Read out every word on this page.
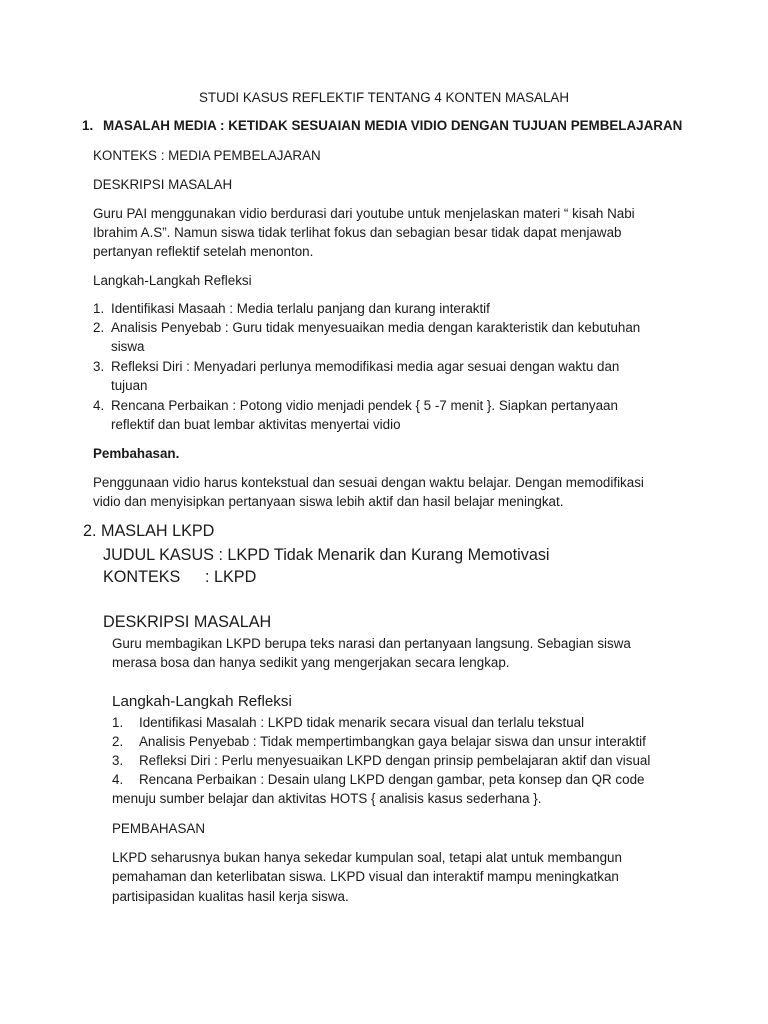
STUDI KASUS REFLEKTIF TENTANG 4 KONTEN MASALAH
1. MASALAH MEDIA : KETIDAK SESUAIAN MEDIA VIDIO DENGAN TUJUAN PEMBELAJARAN
KONTEKS : MEDIA PEMBELAJARAN
DESKRIPSI MASALAH
Guru PAI menggunakan vidio berdurasi dari youtube untuk menjelaskan materi “ kisah Nabi
Ibrahim A.S”. Namun siswa tidak terlihat fokus dan sebagian besar tidak dapat menjawab
pertanyan reflektif setelah menonton.
Langkah-Langkah Refleksi
1. Identifikasi Masaah : Media terlalu panjang dan kurang interaktif
2. Analisis Penyebab : Guru tidak menyesuaikan media dengan karakteristik dan kebutuhan
siswa
3. Refleksi Diri : Menyadari perlunya memodifikasi media agar sesuai dengan waktu dan
tujuan
4. Rencana Perbaikan : Potong vidio menjadi pendek { 5 -7 menit }. Siapkan pertanyaan
reflektif dan buat lembar aktivitas menyertai vidio
Pembahasan.
Penggunaan vidio harus kontekstual dan sesuai dengan waktu belajar. Dengan memodifikasi
vidio dan menyisipkan pertanyaan siswa lebih aktif dan hasil belajar meningkat.
2. MASLAH LKPD
JUDUL KASUS : LKPD Tidak Menarik dan Kurang Memotivasi
KONTEKS : LKPD
DESKRIPSI MASALAH
Guru membagikan LKPD berupa teks narasi dan pertanyaan langsung. Sebagian siswa
merasa bosa dan hanya sedikit yang mengerjakan secara lengkap.
Langkah-Langkah Refleksi
1. Identifikasi Masalah : LKPD tidak menarik secara visual dan terlalu tekstual
2. Analisis Penyebab : Tidak mempertimbangkan gaya belajar siswa dan unsur interaktif
3. Refleksi Diri : Perlu menyesuaikan LKPD dengan prinsip pembelajaran aktif dan visual
4. Rencana Perbaikan : Desain ulang LKPD dengan gambar, peta konsep dan QR code
menuju sumber belajar dan aktivitas HOTS { analisis kasus sederhana }.
PEMBAHASAN
LKPD seharusnya bukan hanya sekedar kumpulan soal, tetapi alat untuk membangun
pemahaman dan keterlibatan siswa. LKPD visual dan interaktif mampu meningkatkan
partisipasidan kualitas hasil kerja siswa.
